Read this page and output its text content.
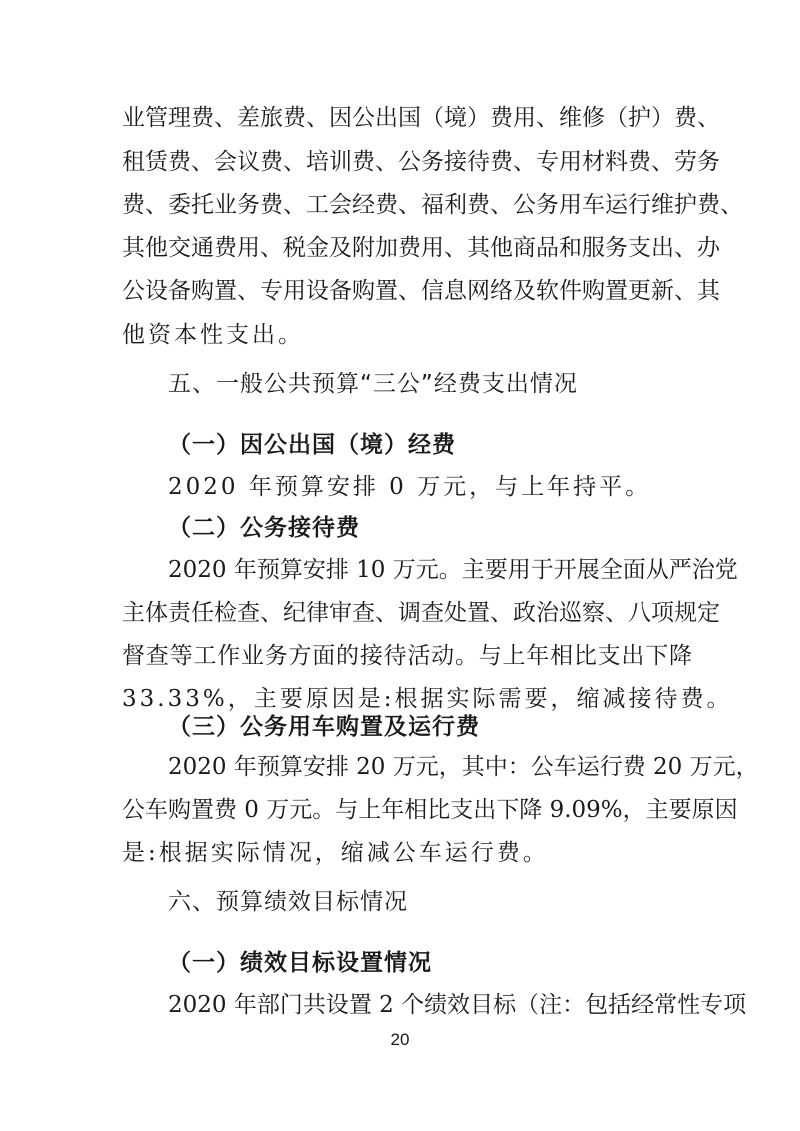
业管理费、差旅费、因公出国（境）费用、维修（护）费、
租赁费、会议费、培训费、公务接待费、专用材料费、劳务
费、委托业务费、工会经费、福利费、公务用车运行维护费、
其他交通费用、税金及附加费用、其他商品和服务支出、办
公设备购置、专用设备购置、信息网络及软件购置更新、其
他资本性支出。
五、一般公共预算“三公”经费支出情况
（一）因公出国（境）经费
2020 年预算安排 0 万元，与上年持平。
（二）公务接待费
2020 年预算安排 10 万元。主要用于开展全面从严治党
主体责任检查、纪律审查、调查处置、政治巡察、八项规定
督查等工作业务方面的接待活动。与上年相比支出下降
33.33%，主要原因是:根据实际需要，缩减接待费。
（三）公务用车购置及运行费
2020 年预算安排 20 万元，其中：公车运行费 20 万元，
公车购置费 0 万元。与上年相比支出下降 9.09%，主要原因
是:根据实际情况，缩减公车运行费。
六、预算绩效目标情况
（一）绩效目标设置情况
2020 年部门共设置 2 个绩效目标（注：包括经常性专项
20
